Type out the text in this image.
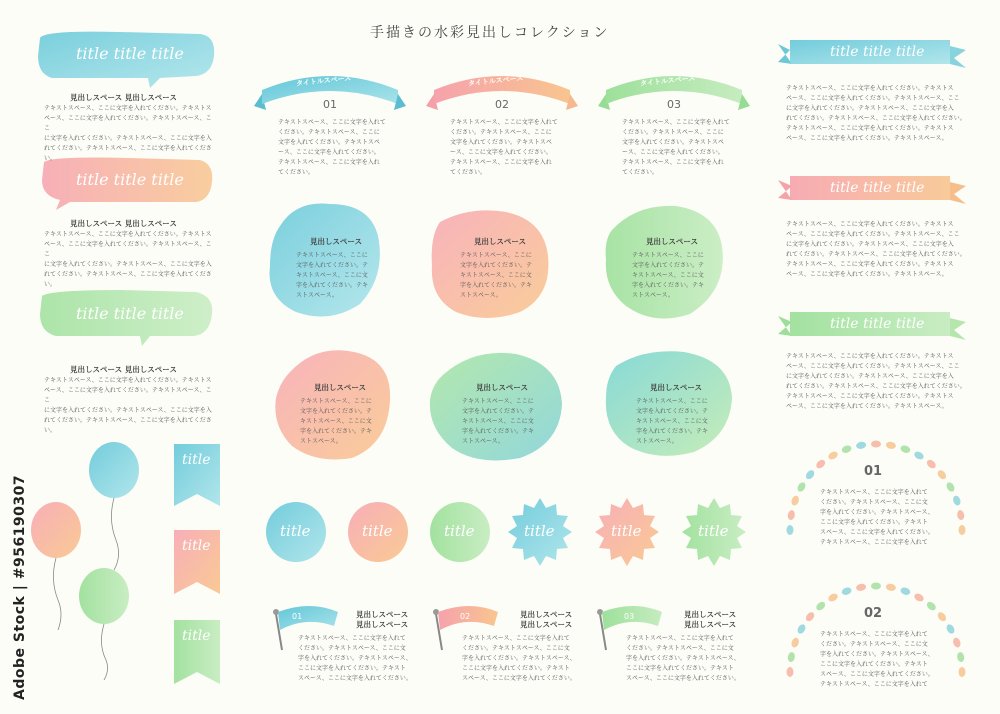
手描きの水彩見出しコレクション
Adobe Stock | #956190307
title title title
見出しスペース 見出しスペース
テキストスペース、ここに文字を入れてください。テキストス
ペース、ここに文字を入れてください。テキストスペース、ここ
に文字を入れてください。テキストスペース、ここに文字を入
れてください。テキストスペース、ここに文字を入れてください。
title title title
見出しスペース 見出しスペース
テキストスペース、ここに文字を入れてください。テキストス
ペース、ここに文字を入れてください。テキストスペース、ここ
に文字を入れてください。テキストスペース、ここに文字を入
れてください。テキストスペース、ここに文字を入れてください。
title title title
見出しスペース 見出しスペース
テキストスペース、ここに文字を入れてください。テキストス
ペース、ここに文字を入れてください。テキストスペース、ここ
に文字を入れてください。テキストスペース、ここに文字を入
れてください。テキストスペース、ここに文字を入れてください。
タイトルスペース	タイトルスペース	タイトルスペース
01	02	03
テキストスペース、ここに文字を入れて
ください。テキストスペース、ここに
文字を入れてください。テキストスペ
ース、ここに文字を入れてください。
テキストスペース、ここに文字を入れ
てください。
テキストスペース、ここに文字を入れて
ください。テキストスペース、ここに
文字を入れてください。テキストスペ
ース、ここに文字を入れてください。
テキストスペース、ここに文字を入れ
てください。
テキストスペース、ここに文字を入れて
ください。テキストスペース、ここに
文字を入れてください。テキストスペ
ース、ここに文字を入れてください。
テキストスペース、ここに文字を入れ
てください。
見出しスペース
テキストスペース、ここに
文字を入れてください。テ
キストスペース、ここに文
字を入れてください。テキ
ストスペース。
見出しスペース
テキストスペース、ここに
文字を入れてください。テ
キストスペース、ここに文
字を入れてください。テキ
ストスペース。
見出しスペース
テキストスペース、ここに
文字を入れてください。テ
キストスペース、ここに文
字を入れてください。テキ
ストスペース。
見出しスペース
テキストスペース、ここに
文字を入れてください。テ
キストスペース、ここに文
字を入れてください。テキ
ストスペース。
見出しスペース
テキストスペース、ここに
文字を入れてください。テ
キストスペース、ここに文
字を入れてください。テキ
ストスペース。
見出しスペース
テキストスペース、ここに
文字を入れてください。テ
キストスペース、ここに文
字を入れてください。テキ
ストスペース。
title	title	title	title	title	title
title
title
title
01	見出しスペース
見出しスペース
テキストスペース、ここに文字を入れて
ください。テキストスペース、ここに文
字を入れてください。テキストスペース、
ここに文字を入れてください。テキスト
スペース、ここに文字を入れてください。
02	見出しスペース
見出しスペース
テキストスペース、ここに文字を入れて
ください。テキストスペース、ここに文
字を入れてください。テキストスペース、
ここに文字を入れてください。テキスト
スペース、ここに文字を入れてください。
03	見出しスペース
見出しスペース
テキストスペース、ここに文字を入れて
ください。テキストスペース、ここに文
字を入れてください。テキストスペース、
ここに文字を入れてください。テキスト
スペース、ここに文字を入れてください。
title title title
テキストスペース、ここに文字を入れてください。テキストス
ペース、ここに文字を入れてください。テキストスペース、ここ
に文字を入れてください。テキストスペース、ここに文字を入
れてください。テキストスペース、ここに文字を入れてください。
テキストスペース、ここに文字を入れてください。テキストス
ペース、ここに文字を入れてください。テキストスペース。
title title title
テキストスペース、ここに文字を入れてください。テキストス
ペース、ここに文字を入れてください。テキストスペース、ここ
に文字を入れてください。テキストスペース、ここに文字を入
れてください。テキストスペース、ここに文字を入れてください。
テキストスペース、ここに文字を入れてください。テキストス
ペース、ここに文字を入れてください。テキストスペース。
title title title
テキストスペース、ここに文字を入れてください。テキストス
ペース、ここに文字を入れてください。テキストスペース、ここ
に文字を入れてください。テキストスペース、ここに文字を入
れてください。テキストスペース、ここに文字を入れてください。
テキストスペース、ここに文字を入れてください。テキストス
ペース、ここに文字を入れてください。テキストスペース。
01
テキストスペース、ここに文字を入れて
ください。テキストスペース、ここに文
字を入れてください。テキストスペース、
ここに文字を入れてください。テキスト
スペース、ここに文字を入れてください。
テキストスペース、ここに文字を入れて
02
テキストスペース、ここに文字を入れて
ください。テキストスペース、ここに文
字を入れてください。テキストスペース、
ここに文字を入れてください。テキスト
スペース、ここに文字を入れてください。
テキストスペース、ここに文字を入れて
